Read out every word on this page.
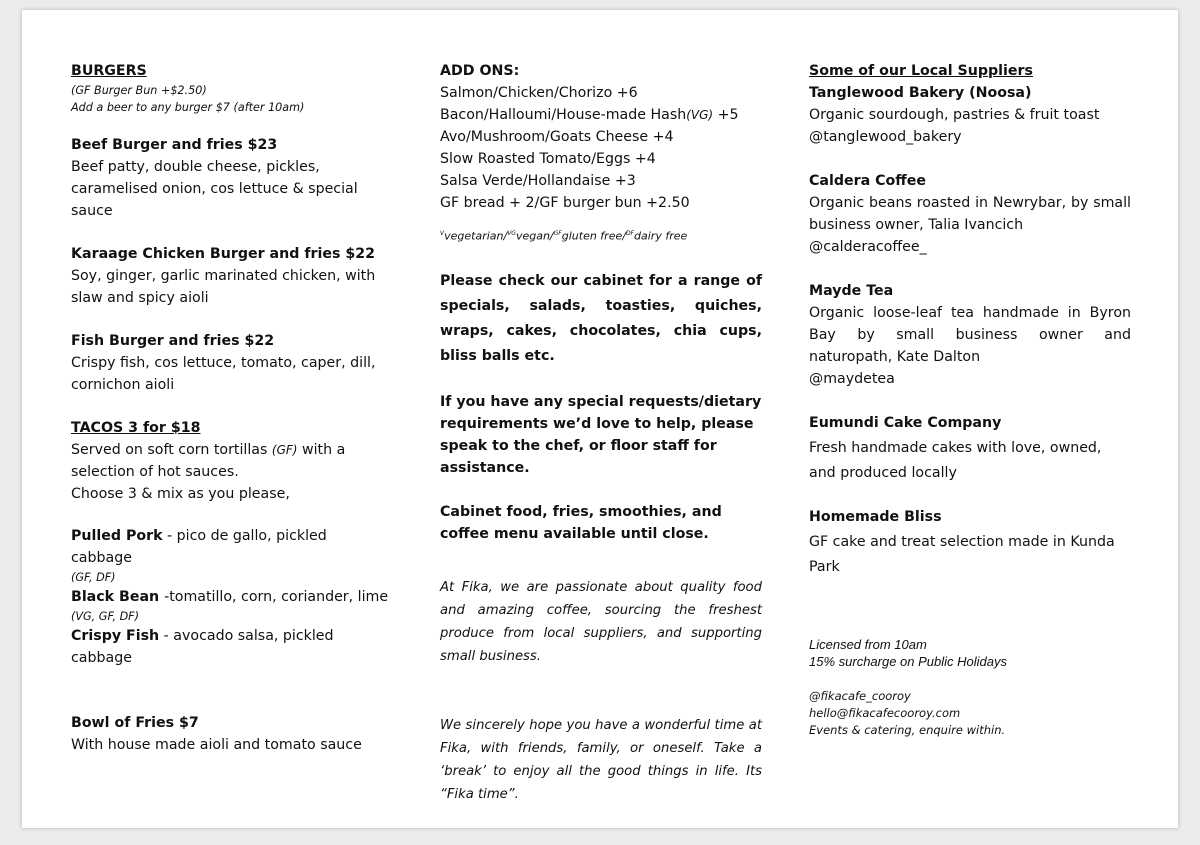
BURGERS

(GF Burger Bun +$2.50)

Add a beer to any burger $7 (after 10am)

Beef Burger and fries $23

Beef patty, double cheese, pickles, caramelised onion, cos lettuce & special sauce

Karaage Chicken Burger and fries $22

Soy, ginger, garlic marinated chicken, with slaw and spicy aioli

Fish Burger and fries $22

Crispy fish, cos lettuce, tomato, caper, dill, cornichon aioli

TACOS 3 for $18

Served on soft corn tortillas (GF) with a selection of hot sauces.

Choose 3 & mix as you please,

Pulled Pork - pico de gallo, pickled cabbage

(GF, DF)

Black Bean -tomatillo, corn, coriander, lime

(VG, GF, DF)

Crispy Fish - avocado salsa, pickled cabbage

Bowl of Fries $7

With house made aioli and tomato sauce

ADD ONS:

Salmon/Chicken/Chorizo +6

Bacon/Halloumi/House-made Hash(VG) +5

Avo/Mushroom/Goats Cheese +4

Slow Roasted Tomato/Eggs +4

Salsa Verde/Hollandaise +3

GF bread + 2/GF burger bun +2.50

$^V$vegetarian/$^{VG}$vegan/$^{GF}$gluten free/$^{DF}$dairy free

Please check our cabinet for a range of specials, salads, toasties, quiches, wraps, cakes, chocolates, chia cups, bliss balls etc.

If you have any special requests/dietary requirements we’d love to help, please speak to the chef, or floor staff for assistance.

Cabinet food, fries, smoothies, and coffee menu available until close.

At Fika, we are passionate about quality food and amazing coffee, sourcing the freshest produce from local suppliers, and supporting small business.

We sincerely hope you have a wonderful time at Fika, with friends, family, or oneself. Take a ‘break’ to enjoy all the good things in life. Its “Fika time”.

Some of our Local Suppliers

Tanglewood Bakery (Noosa)

Organic sourdough, pastries & fruit toast

@tanglewood_bakery

Caldera Coffee

Organic beans roasted in Newrybar, by small business owner, Talia Ivancich

@calderacoffee_

Mayde Tea

Organic loose-leaf tea handmade in Byron Bay by small business owner and naturopath, Kate Dalton

@maydetea

Eumundi Cake Company

Fresh handmade cakes with love, owned, and produced locally

Homemade Bliss

GF cake and treat selection made in Kunda Park

Licensed from 10am

15% surcharge on Public Holidays

@fikacafe_cooroy

hello@fikacafecooroy.com

Events & catering, enquire within.
